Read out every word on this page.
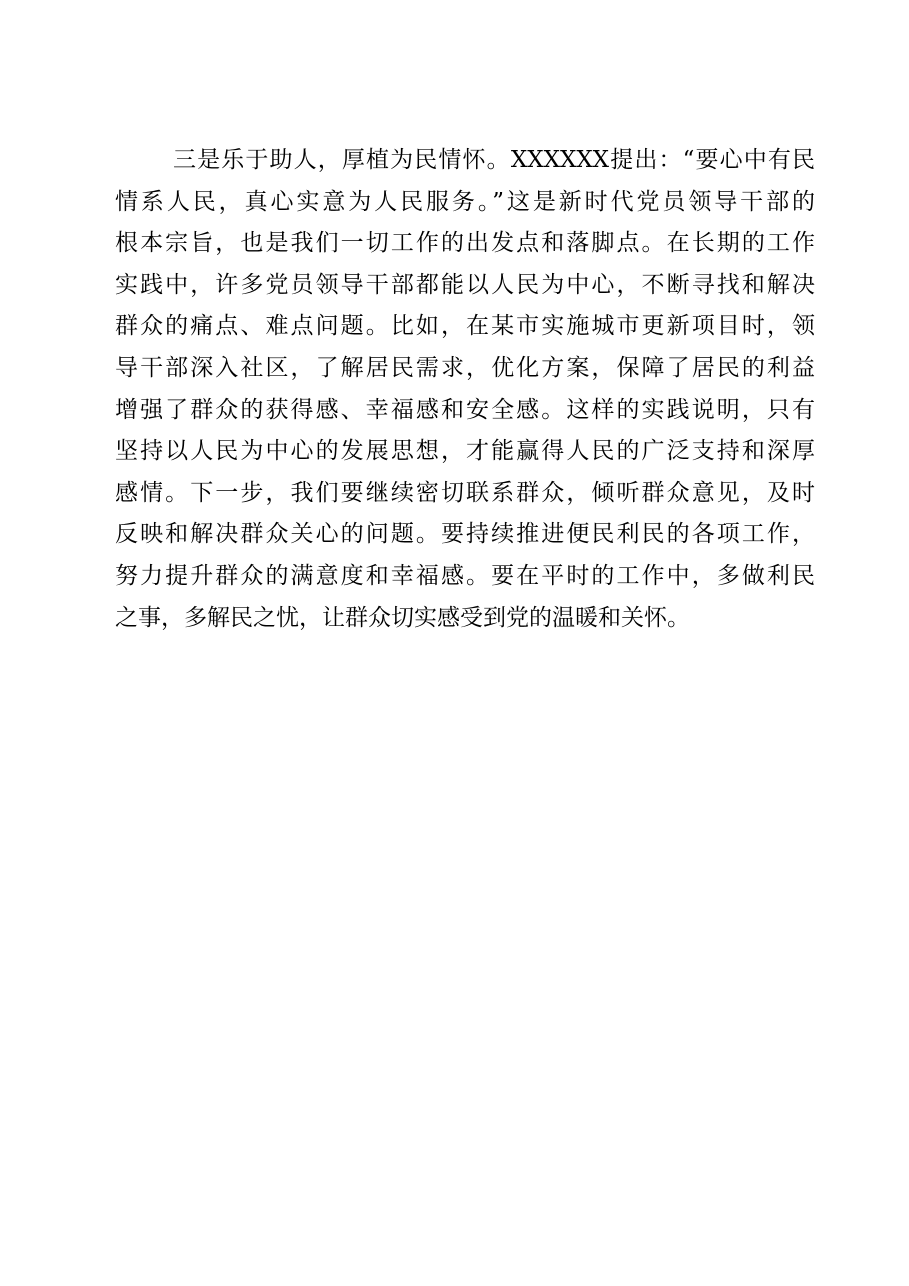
三是乐于助人，厚植为民情怀。XXXXXX提出：“要心中有民
情系人民，真心实意为人民服务。”这是新时代党员领导干部的
根本宗旨，也是我们一切工作的出发点和落脚点。在长期的工作
实践中，许多党员领导干部都能以人民为中心，不断寻找和解决
群众的痛点、难点问题。比如，在某市实施城市更新项目时，领
导干部深入社区，了解居民需求，优化方案，保障了居民的利益
增强了群众的获得感、幸福感和安全感。这样的实践说明，只有
坚持以人民为中心的发展思想，才能赢得人民的广泛支持和深厚
感情。下一步，我们要继续密切联系群众，倾听群众意见，及时
反映和解决群众关心的问题。要持续推进便民利民的各项工作，
努力提升群众的满意度和幸福感。要在平时的工作中，多做利民
之事，多解民之忧，让群众切实感受到党的温暖和关怀。
